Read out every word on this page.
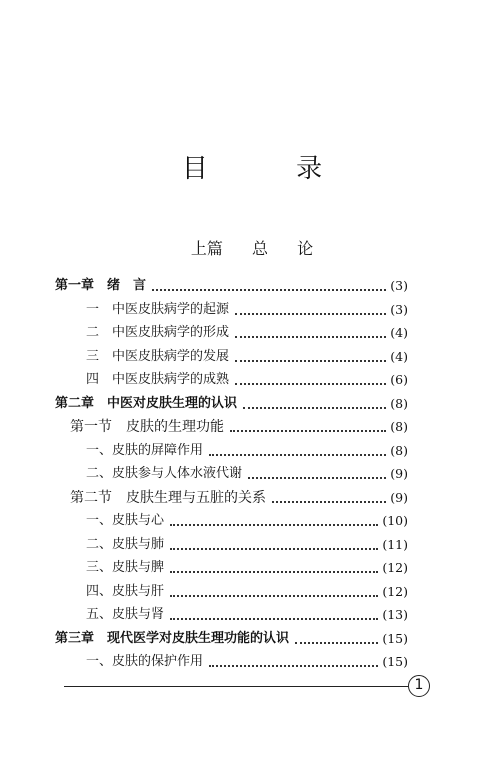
目 录
上篇 总 论
第一章　绪　言	(3)
一　中医皮肤病学的起源	(3)
二　中医皮肤病学的形成	(4)
三　中医皮肤病学的发展	(4)
四　中医皮肤病学的成熟	(6)
第二章　中医对皮肤生理的认识	(8)
第一节　皮肤的生理功能	(8)
一、皮肤的屏障作用	(8)
二、皮肤参与人体水液代谢	(9)
第二节　皮肤生理与五脏的关系	(9)
一、皮肤与心	(10)
二、皮肤与肺	(11)
三、皮肤与脾	(12)
四、皮肤与肝	(12)
五、皮肤与肾	(13)
第三章　现代医学对皮肤生理功能的认识	(15)
一、皮肤的保护作用	(15)
1
